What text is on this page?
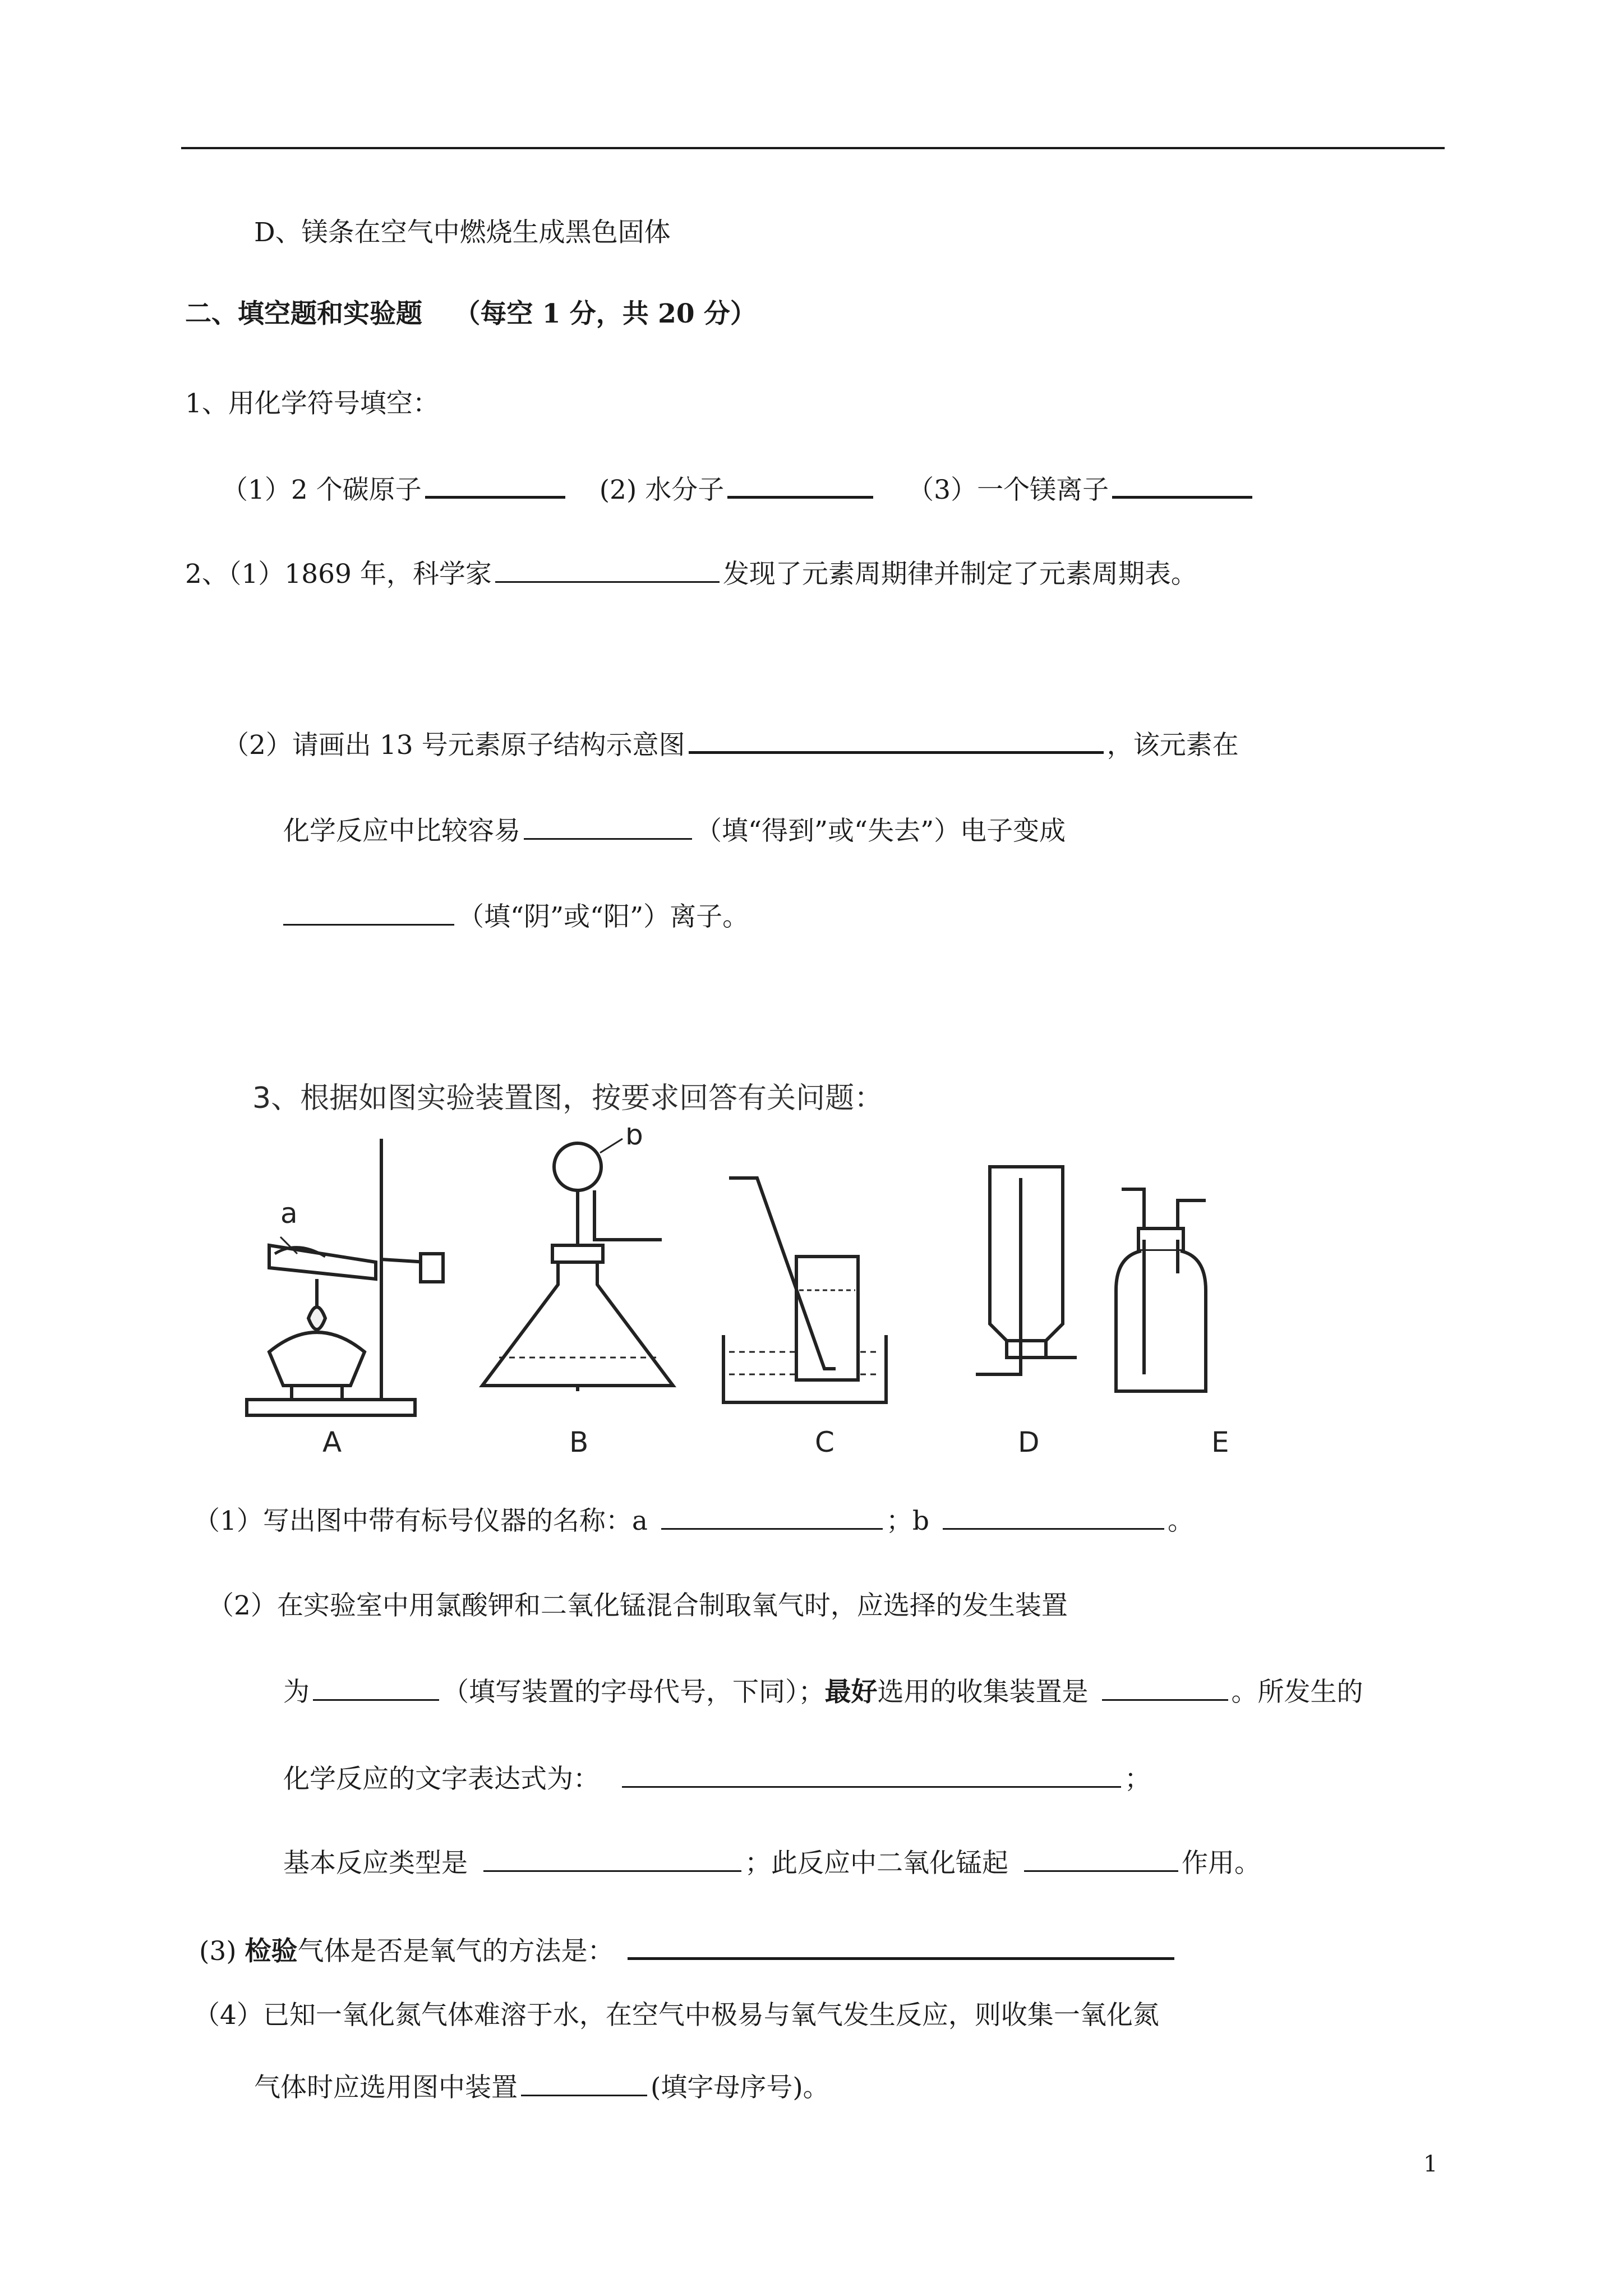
D、镁条在空气中燃烧生成黑色固体
二、填空题和实验题 （每空 1 分，共 20 分）
1、用化学符号填空：
（1）2 个碳原子	(2) 水分子	（3）一个镁离子
2、（1）1869 年，科学家	发现了元素周期律并制定了元素周期表。
（2）请画出 13 号元素原子结构示意图	，该元素在
化学反应中比较容易	（填“得到”或“失去”）电子变成
（填“阴”或“阳”）离子。
3、根据如图实验装置图，按要求回答有关问题：
a
A
b
B	C	D	E
（1）写出图中带有标号仪器的名称：a	；b	。
（2）在实验室中用氯酸钾和二氧化锰混合制取氧气时，应选择的发生装置
为	（填写装置的字母代号，下同）；最好选用的收集装置是	。所发生的
化学反应的文字表达式为：	；
基本反应类型是	；此反应中二氧化锰起	作用。
(3) 检验气体是否是氧气的方法是：
（4）已知一氧化氮气体难溶于水，在空气中极易与氧气发生反应，则收集一氧化氮
气体时应选用图中装置	(填字母序号)。
1
